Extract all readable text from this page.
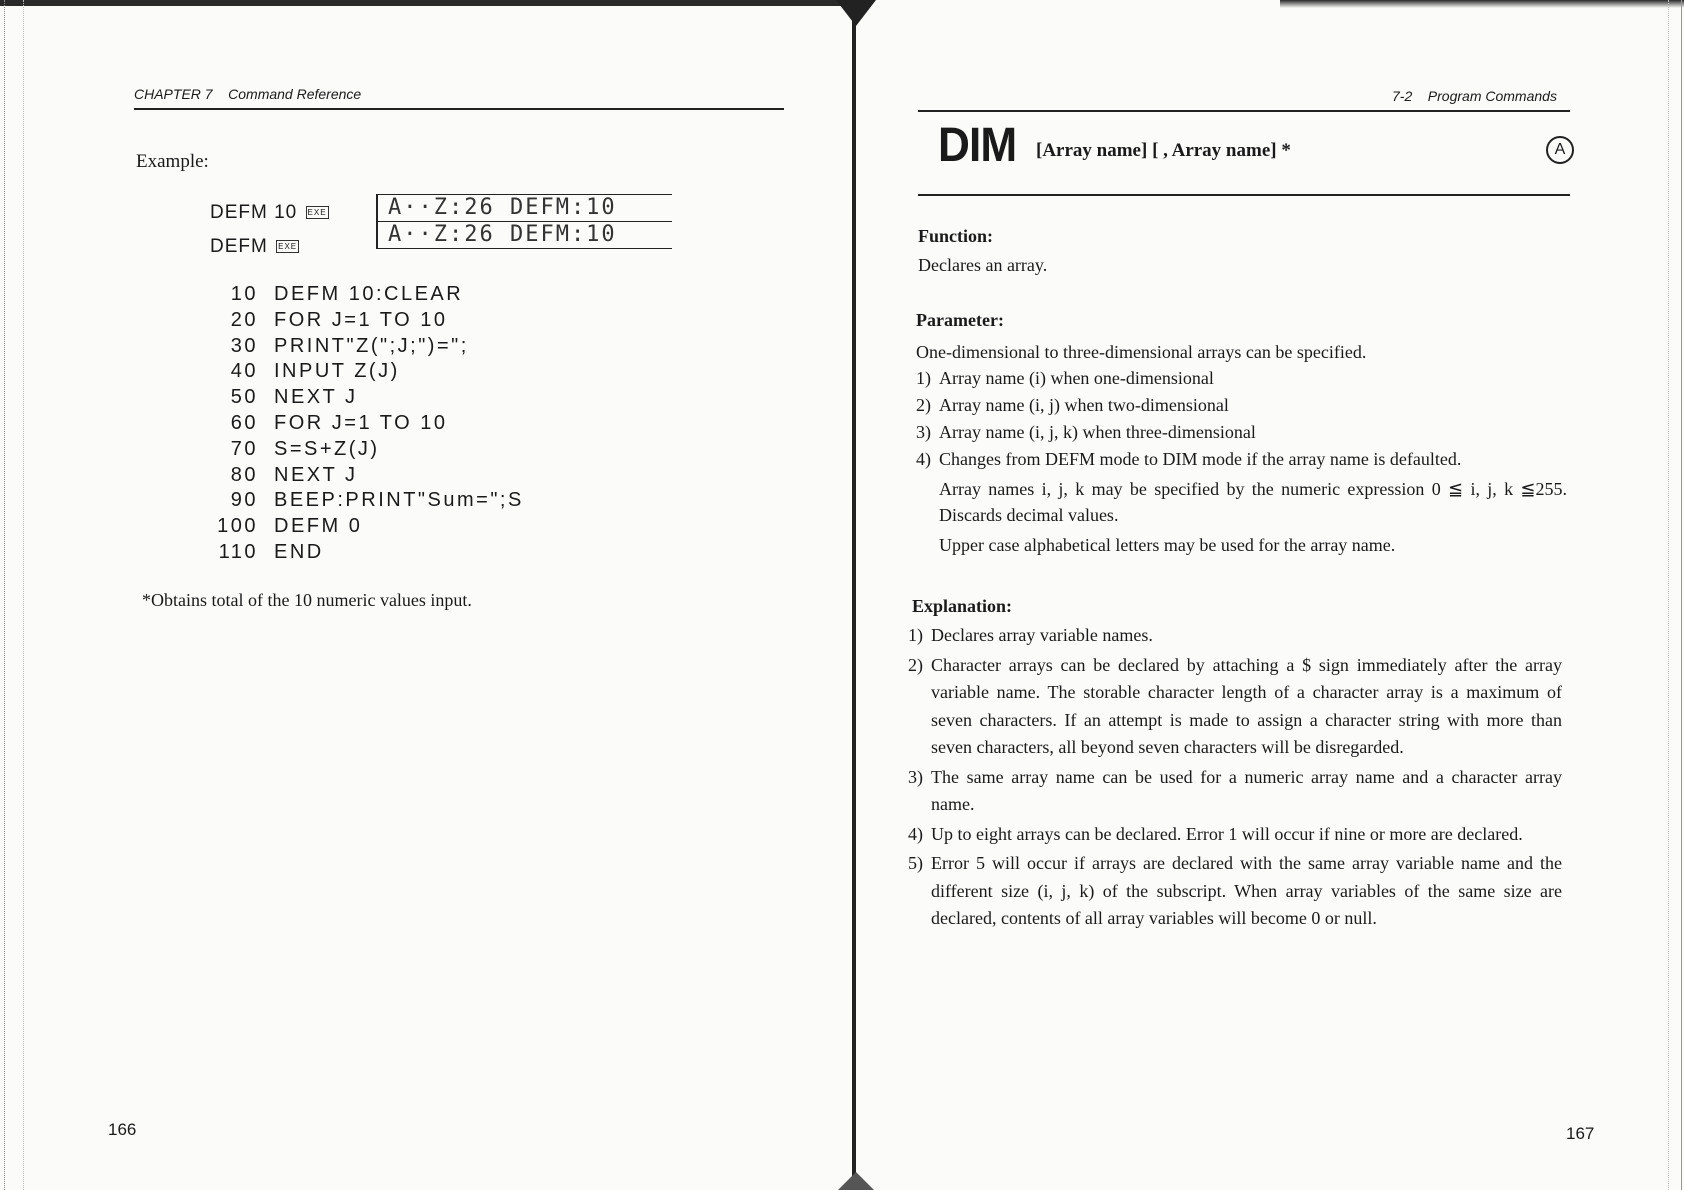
CHAPTER 7 Command Reference
Example:
DEFM 10 EXE
DEFM EXE
A··Z:26 DEFM:10
A··Z:26 DEFM:10
10 DEFM 10:CLEAR
20 FOR J=1 TO 10
30 PRINT"Z(";J;")=";
40 INPUT Z(J)
50 NEXT J
60 FOR J=1 TO 10
70 S=S+Z(J)
80 NEXT J
90 BEEP:PRINT"Sum=";S
100 DEFM 0
110 END
*Obtains total of the 10 numeric values input.
166
7-2 Program Commands
DIM [Array name] [ , Array name] *	A
Function:
Declares an array.
Parameter:
One-dimensional to three-dimensional arrays can be specified.
1) Array name (i) when one-dimensional
2) Array name (i, j) when two-dimensional
3) Array name (i, j, k) when three-dimensional
4) Changes from DEFM mode to DIM mode if the array name is defaulted.
Array names i, j, k may be specified by the numeric expression 0 ≦ i, j, k ≦255. Discards decimal values.
Upper case alphabetical letters may be used for the array name.
Explanation:
1) Declares array variable names.
2) Character arrays can be declared by attaching a $ sign immediately after the array variable name. The storable character length of a character array is a maximum of seven characters. If an attempt is made to assign a character string with more than seven characters, all beyond seven characters will be disregarded.
3) The same array name can be used for a numeric array name and a character array name.
4) Up to eight arrays can be declared. Error 1 will occur if nine or more are declared.
5) Error 5 will occur if arrays are declared with the same array variable name and the different size (i, j, k) of the subscript. When array variables of the same size are declared, contents of all array variables will become 0 or null.
167
